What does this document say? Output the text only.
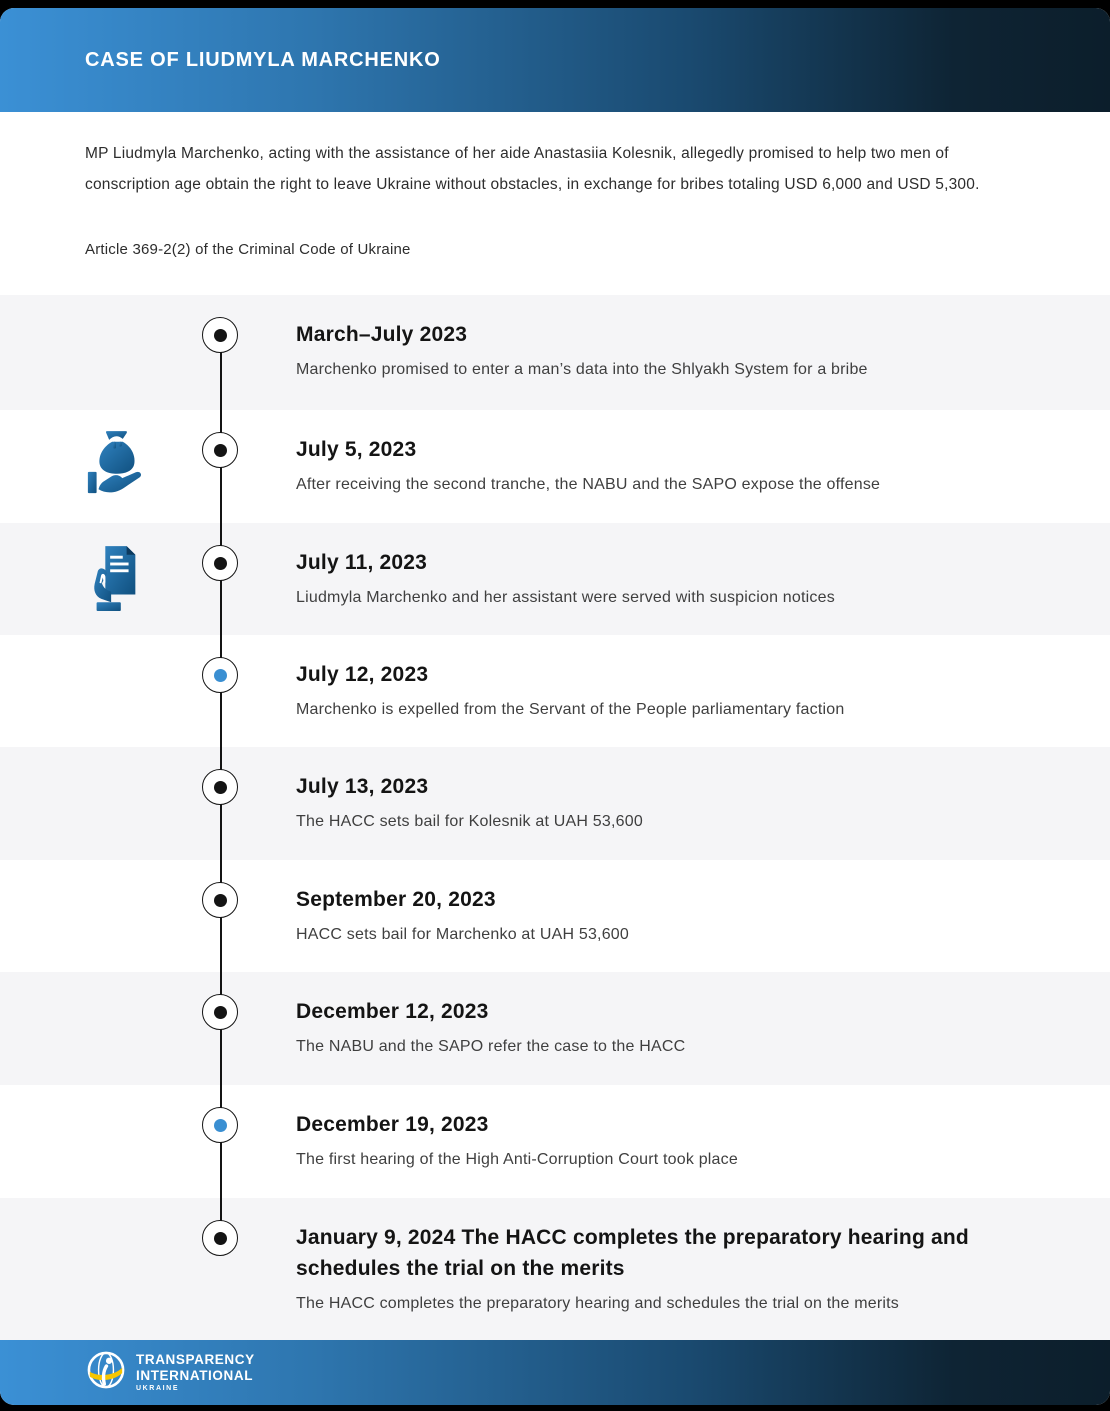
CASE OF LIUDMYLA MARCHENKO

MP Liudmyla Marchenko, acting with the assistance of her aide Anastasiia Kolesnik, allegedly promised to help two men of conscription age obtain the right to leave Ukraine without obstacles, in exchange for bribes totaling USD 6,000 and USD 5,300.

Article 369-2(2) of the Criminal Code of Ukraine

March–July 2023

Marchenko promised to enter a man’s data into the Shlyakh System for a bribe

July 5, 2023

After receiving the second tranche, the NABU and the SAPO expose the offense

July 11, 2023

Liudmyla Marchenko and her assistant were served with suspicion notices

July 12, 2023

Marchenko is expelled from the Servant of the People parliamentary faction

July 13, 2023

The HACC sets bail for Kolesnik at UAH 53,600

September 20, 2023

HACC sets bail for Marchenko at UAH 53,600

December 12, 2023

The NABU and the SAPO refer the case to the HACC

December 19, 2023

The first hearing of the High Anti-Corruption Court took place

January 9, 2024 The HACC completes the preparatory hearing and schedules the trial on the merits

The HACC completes the preparatory hearing and schedules the trial on the merits

TRANSPARENCY
INTERNATIONAL
UKRAINE
